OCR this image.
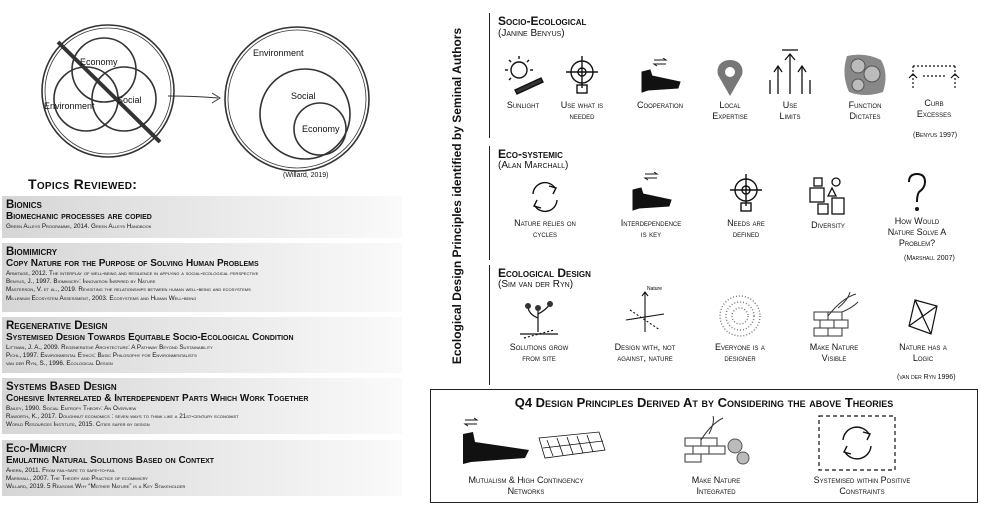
Economy
Environment
Social
Environment
Social
Economy
(Willard, 2019)
Topics Reviewed:
Bionics
Biomechanic processes are copied
Green Alleys Programme, 2014. Green Alleys Handbook
Biomimicry
Copy Nature for the Purpose of Solving Human Problems
Armitage, 2012. The interplay of well-being and resilience in applying a social-ecological perspective
Benyus, J., 1997. Biomimicry: Innovation Inspired by Nature
Masterson, V. et al., 2019. Revisiting the relationships between human well-being and ecosystems
Millenium Ecosystem Assessment, 2003. Ecosystems and Human Well-being
Regenerative Design
Systemised Design Towards Equitable Socio-Ecological Condition
Littman, J. A., 2009. Regenerative Architecture: A Pathway Beyond Sustainability
Pichl, 1997. Environmental Ethics: Basic Philosophy for Environmentalists
van der Ryn, S., 1996. Ecological Design
Systems Based Design
Cohesive Interrelated & Interdependent Parts Which Work Together
Bailey, 1990. Social Entropy Theory: An Overview
Raworth, K., 2017. Doughnut economics : seven ways to think like a 21st-century economist
World Resources Institute, 2015. Cities safer by design
Eco-Mimicry
Emulating Natural Solutions Based on Context
Ahern, 2011. From fail-safe to safe-to-fail
Marshall, 2007. The Theory and Practice of ecomimicry
Willard, 2019. 5 Reasons Why “Mother Nature” is a Key Stakeholder
Ecological Design Principles identified by Seminal Authors
Socio-Ecological
(Janine Benyus)
Sunlight	Use what is
needed
Cooperation	Local
Expertise
Use
Limits
Function
Dictates
Curb
Excesses
(Benyus 1997)
Eco-systemic
(Alan Marchall)
Nature relies on
cycles
Interdependence
is key
Needs are
defined
Diversity	How Would
Nature Solve A
Problem?
(Marshall 2007)
Ecological Design
(Sim van der Ryn)
Solutions grow
from site
Nature
Design with, not
against, nature
Everyone is a
designer
Make Nature
Visible
Nature has a
Logic
(van der Ryn 1996)
Q4 Design Principles Derived At by Considering the above Theories
Mutualism & High Contingency
Networks
Make Nature
Integrated
Systemised within Positive
Constraints
